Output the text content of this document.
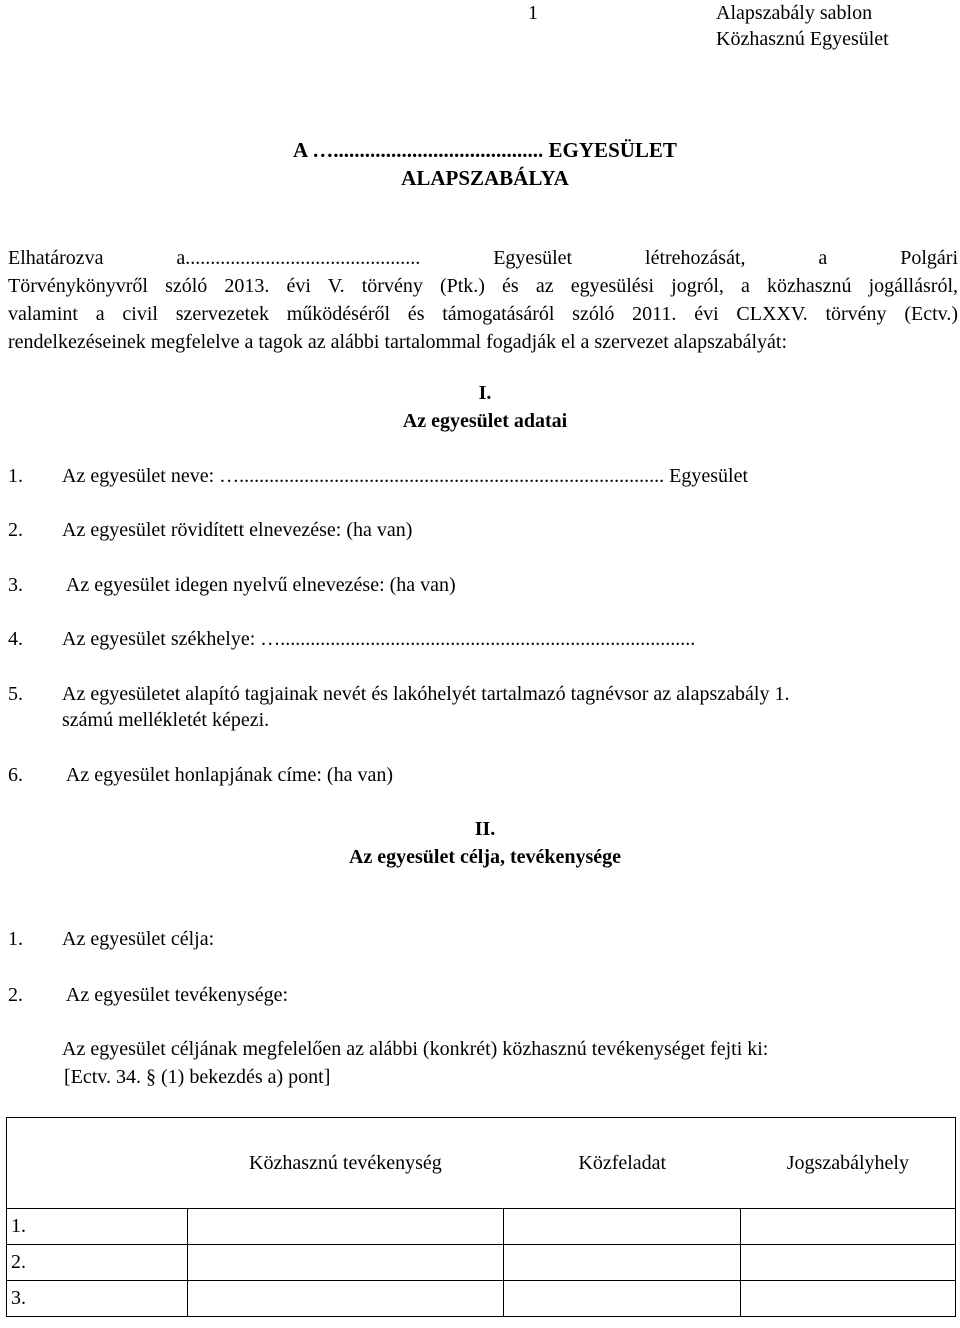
1	Alapszabály sablon
Közhasznú Egyesület
A …........................................ EGYESÜLET
ALAPSZABÁLYA
Elhatározva a............................................... Egyesület létrehozását, a Polgári
Törvénykönyvről szóló 2013. évi V. törvény (Ptk.) és az egyesülési jogról, a közhasznú jogállásról,
valamint a civil szervezetek működéséről és támogatásáról szóló 2011. évi CLXXV. törvény (Ectv.)
rendelkezéseinek megfelelve a tagok az alábbi tartalommal fogadják el a szervezet alapszabályát:
I.
Az egyesület adatai
1. Az egyesület neve: …..................................................................................... Egyesület
2. Az egyesület rövidített elnevezése: (ha van)
3. Az egyesület idegen nyelvű elnevezése: (ha van)
4. Az egyesület székhelye: …...................................................................................
5. Az egyesületet alapító tagjainak nevét és lakóhelyét tartalmazó tagnévsor az alapszabály 1.
számú mellékletét képezi.
6. Az egyesület honlapjának címe: (ha van)
II.
Az egyesület célja, tevékenysége
1. Az egyesület célja:
2. Az egyesület tevékenysége:
Az egyesület céljának megfelelően az alábbi (konkrét) közhasznú tevékenységet fejti ki:
[Ectv. 34. § (1) bekezdés a) pont]
	Közhasznú tevékenység	Közfeladat	Jogszabályhely
1.			
2.			
3.			
